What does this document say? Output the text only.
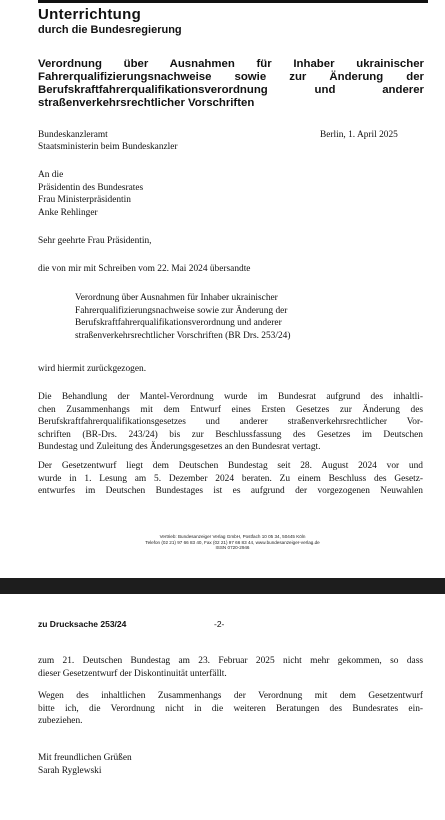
Unterrichtung
durch die Bundesregierung
Verordnung über Ausnahmen für Inhaber ukrainischer
Fahrerqualifizierungsnachweise sowie zur Änderung der
Berufskraftfahrerqualifikationsverordnung und anderer
straßenverkehrsrechtlicher Vorschriften
Bundeskanzleramt
Staatsministerin beim Bundeskanzler
Berlin, 1. April 2025
An die
Präsidentin des Bundesrates
Frau Ministerpräsidentin
Anke Rehlinger
Sehr geehrte Frau Präsidentin,
die von mir mit Schreiben vom 22. Mai 2024 übersandte
Verordnung über Ausnahmen für Inhaber ukrainischer
Fahrerqualifizierungsnachweise sowie zur Änderung der
Berufskraftfahrerqualifikationsverordnung und anderer
straßenverkehrsrechtlicher Vorschriften (BR Drs. 253/24)
wird hiermit zurückgezogen.
Die Behandlung der Mantel-Verordnung wurde im Bundesrat aufgrund des inhaltli-
chen Zusammenhangs mit dem Entwurf eines Ersten Gesetzes zur Änderung des
Berufskraftfahrerqualifikationsgesetzes und anderer straßenverkehrsrechtlicher Vor-
schriften (BR-Drs. 243/24) bis zur Beschlussfassung des Gesetzes im Deutschen
Bundestag und Zuleitung des Änderungsgesetzes an den Bundesrat vertagt.
Der Gesetzentwurf liegt dem Deutschen Bundestag seit 28. August 2024 vor und
wurde in 1. Lesung am 5. Dezember 2024 beraten. Zu einem Beschluss des Gesetz-
entwurfes im Deutschen Bundestages ist es aufgrund der vorgezogenen Neuwahlen
Vertrieb: Bundesanzeiger Verlag GmbH, Postfach 10 05 34, 50445 Köln
Telefon (02 21) 97 66 83 40, Fax (02 21) 97 66 83 44, www.bundesanzeiger-verlag.de
ISSN 0720-2946
zu Drucksache 253/24	-2-
zum 21. Deutschen Bundestag am 23. Februar 2025 nicht mehr gekommen, so dass
dieser Gesetzentwurf der Diskontinuität unterfällt.
Wegen des inhaltlichen Zusammenhangs der Verordnung mit dem Gesetzentwurf
bitte ich, die Verordnung nicht in die weiteren Beratungen des Bundesrates ein-
zubeziehen.
Mit freundlichen Grüßen
Sarah Ryglewski
